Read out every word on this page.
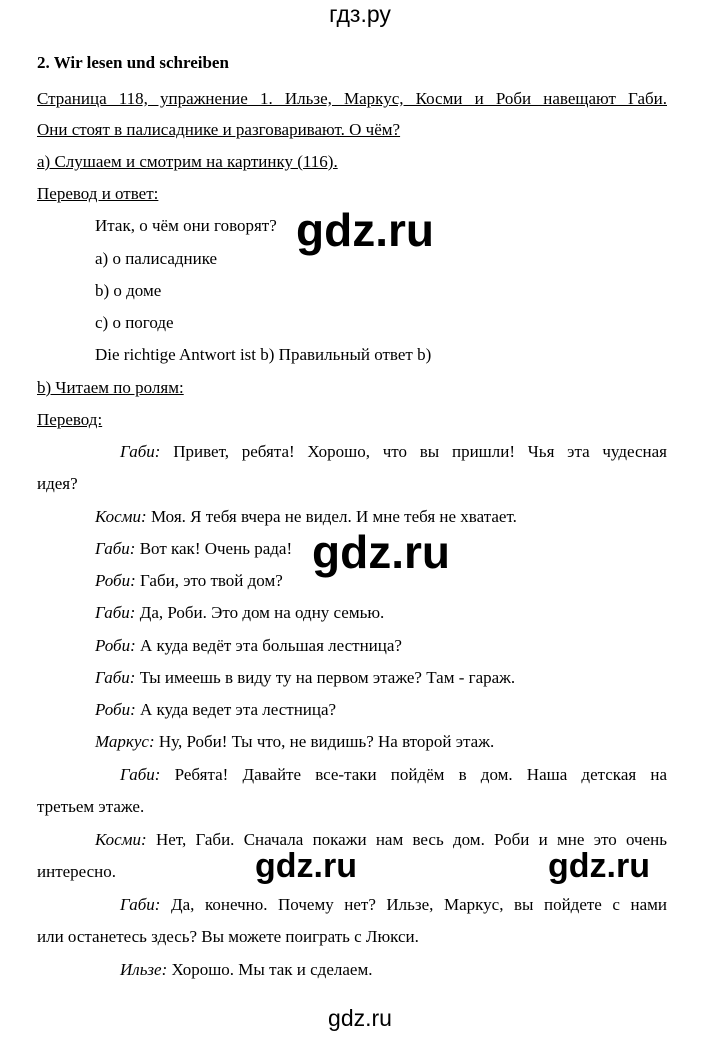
гдз.ру
2. Wir lesen und schreiben
Страница 118, упражнение 1. Ильзе, Маркус, Косми и Роби навещают Габи.
Они стоят в палисаднике и разговаривают. О чём?
а) Слушаем и смотрим на картинку (116).
Перевод и ответ:
Итак, о чём они говорят?
а) о палисаднике
b) о доме
c) о погоде
Die richtige Antwort ist b) Правильный ответ b)
b) Читаем по ролям:
Перевод:
Габи: Привет, ребята! Хорошо, что вы пришли! Чья эта чудесная
идея?
Косми: Моя. Я тебя вчера не видел. И мне тебя не хватает.
Габи: Вот как! Очень рада!
Роби: Габи, это твой дом?
Габи: Да, Роби. Это дом на одну семью.
Роби: А куда ведёт эта большая лестница?
Габи: Ты имеешь в виду ту на первом этаже? Там - гараж.
Роби: А куда ведет эта лестница?
Маркус: Ну, Роби! Ты что, не видишь? На второй этаж.
Габи: Ребята! Давайте все-таки пойдём в дом. Наша детская на
третьем этаже.
Косми: Нет, Габи. Сначала покажи нам весь дом. Роби и мне это очень
интересно.
Габи: Да, конечно. Почему нет? Ильзе, Маркус, вы пойдете с нами
или останетесь здесь? Вы можете поиграть с Люкси.
Ильзе: Хорошо. Мы так и сделаем.
gdz.ru
gdz.ru
gdz.ru	gdz.ru
gdz.ru
